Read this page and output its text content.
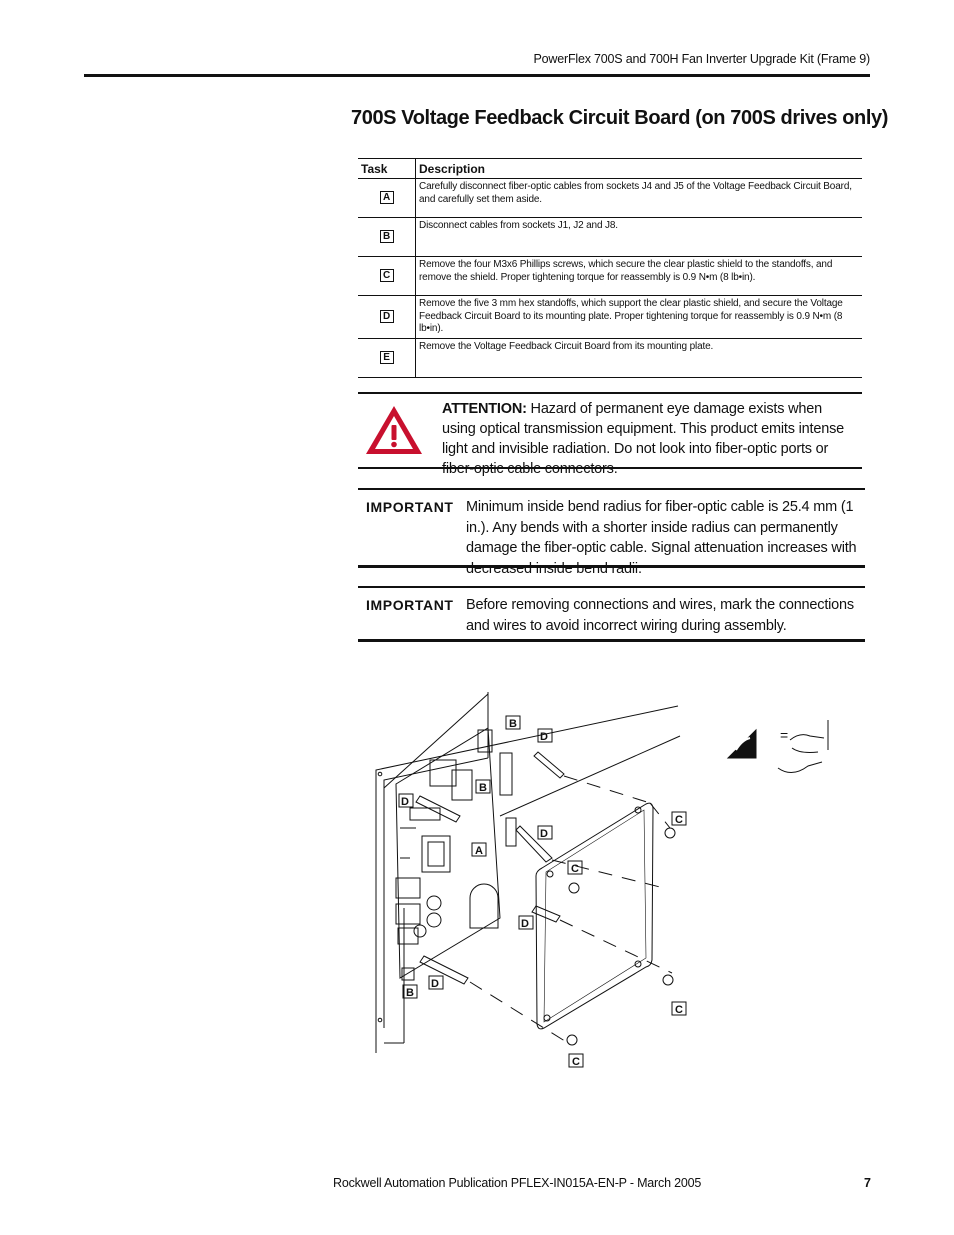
PowerFlex 700S and 700H Fan Inverter Upgrade Kit (Frame 9)
700S Voltage Feedback Circuit Board (on 700S drives only)
Task	Description
A	Carefully disconnect fiber-optic cables from sockets J4 and J5 of the Voltage Feedback Circuit Board, and carefully set them aside.
B	Disconnect cables from sockets J1, J2 and J8.
C	Remove the four M3x6 Phillips screws, which secure the clear plastic shield to the standoffs, and remove the shield. Proper tightening torque for reassembly is 0.9 N•m (8 lb•in).
D	Remove the five 3 mm hex standoffs, which support the clear plastic shield, and secure the Voltage Feedback Circuit Board to its mounting plate. Proper tightening torque for reassembly is 0.9 N•m (8 lb•in).
E	Remove the Voltage Feedback Circuit Board from its mounting plate.
ATTENTION: Hazard of permanent eye damage exists when using optical transmission equipment. This product emits intense light and invisible radiation. Do not look into fiber-optic ports or fiber-optic cable connectors.
IMPORTANT Minimum inside bend radius for fiber-optic cable is 25.4 mm (1 in.). Any bends with a shorter inside radius can permanently damage the fiber-optic cable. Signal attenuation increases with decreased inside bend radii.
IMPORTANT Before removing connections and wires, mark the connections and wires to avoid incorrect wiring during assembly.
=
B
D
B
D
D
A
C
D
D
B
C
C
C
Rockwell Automation Publication PFLEX-IN015A-EN-P - March 2005	7
